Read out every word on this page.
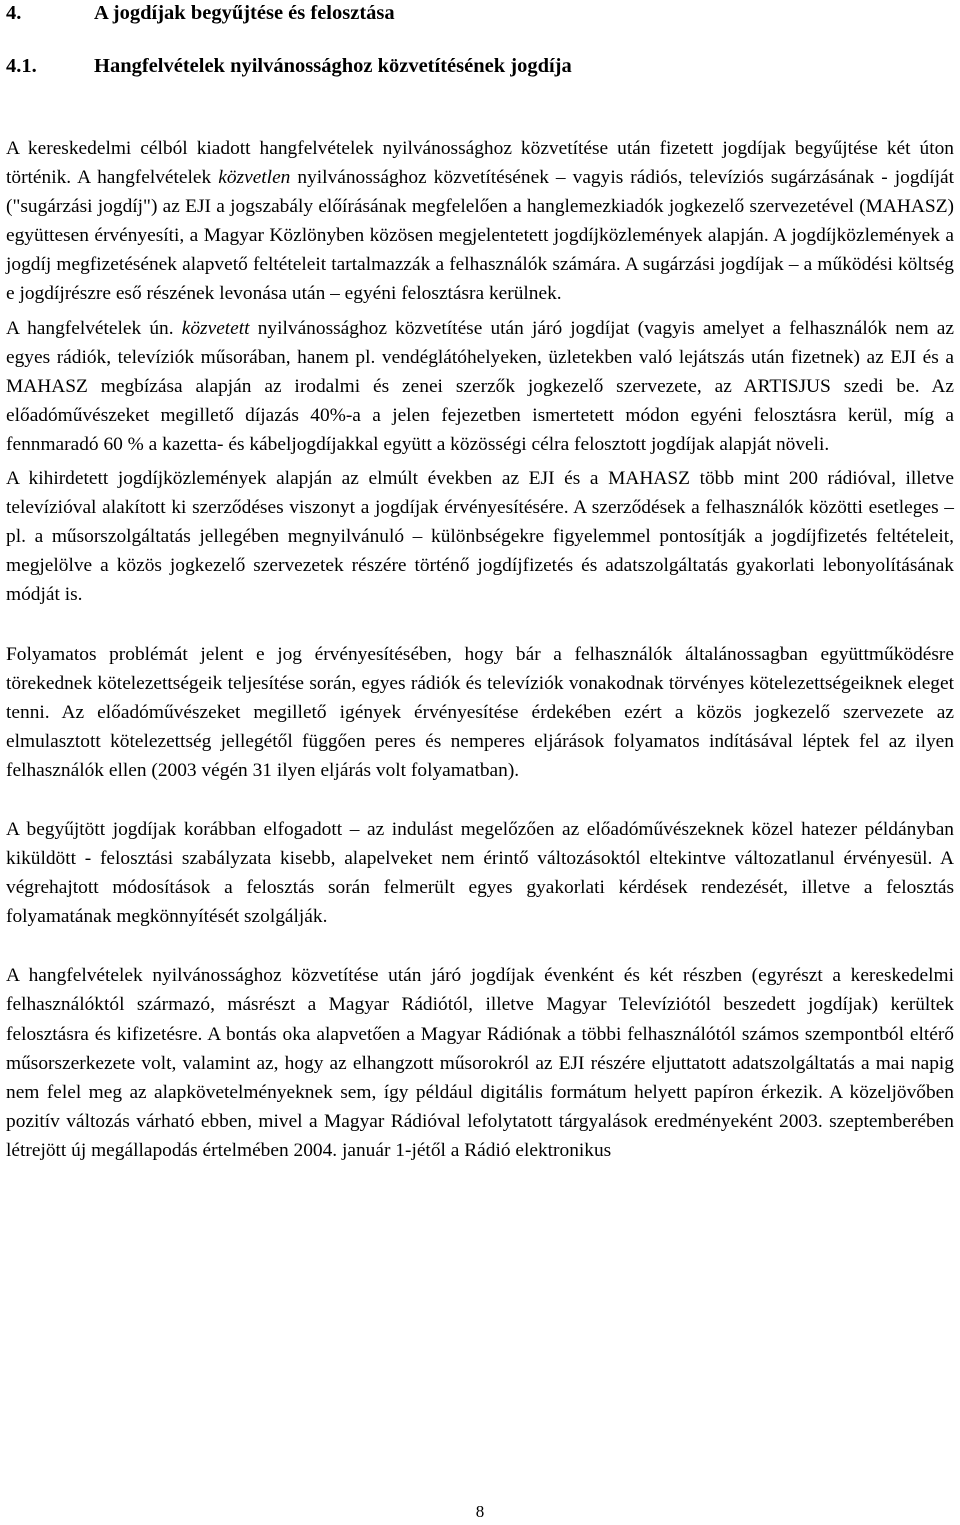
4.	A jogdíjak begyűjtése és felosztása
4.1.	Hangfelvételek nyilvánossághoz közvetítésének jogdíja

A kereskedelmi célból kiadott hangfelvételek nyilvánossághoz közvetítése után fizetett jogdíjak begyűjtése két úton történik. A hangfelvételek közvetlen nyilvánossághoz közvetítésének – vagyis rádiós, televíziós sugárzásának - jogdíját ("sugárzási jogdíj") az EJI a jogszabály előírásának megfelelően a hanglemezkiadók jogkezelő szervezetével (MAHASZ) együttesen érvényesíti, a Magyar Közlönyben közösen megjelentetett jogdíjközlemények alapján. A jogdíjközlemények a jogdíj megfizetésének alapvető feltételeit tartalmazzák a felhasználók számára. A sugárzási jogdíjak – a működési költség e jogdíjrészre eső részének levonása után – egyéni felosztásra kerülnek.

A hangfelvételek ún. közvetett nyilvánossághoz közvetítése után járó jogdíjat (vagyis amelyet a felhasználók nem az egyes rádiók, televíziók műsorában, hanem pl. vendéglátóhelyeken, üzletekben való lejátszás után fizetnek) az EJI és a MAHASZ megbízása alapján az irodalmi és zenei szerzők jogkezelő szervezete, az ARTISJUS szedi be. Az előadóművészeket megillető díjazás 40%-a a jelen fejezetben ismertetett módon egyéni felosztásra kerül, míg a fennmaradó 60 % a kazetta- és kábeljogdíjakkal együtt a közösségi célra felosztott jogdíjak alapját növeli.

A kihirdetett jogdíjközlemények alapján az elmúlt években az EJI és a MAHASZ több mint 200 rádióval, illetve televízióval alakított ki szerződéses viszonyt a jogdíjak érvényesítésére. A szerződések a felhasználók közötti esetleges – pl. a műsorszolgáltatás jellegében megnyilvánuló – különbségekre figyelemmel pontosítják a jogdíjfizetés feltételeit, megjelölve a közös jogkezelő szervezetek részére történő jogdíjfizetés és adatszolgáltatás gyakorlati lebonyolításának módját is.

Folyamatos problémát jelent e jog érvényesítésében, hogy bár a felhasználók általánossagban együttműködésre törekednek kötelezettségeik teljesítése során, egyes rádiók és televíziók vonakodnak törvényes kötelezettségeiknek eleget tenni. Az előadóművészeket megillető igények érvényesítése érdekében ezért a közös jogkezelő szervezete az elmulasztott kötelezettség jellegétől függően peres és nemperes eljárások folyamatos indításával léptek fel az ilyen felhasználók ellen (2003 végén 31 ilyen eljárás volt folyamatban).

A begyűjtött jogdíjak korábban elfogadott – az indulást megelőzően az előadóművészeknek közel hatezer példányban kiküldött - felosztási szabályzata kisebb, alapelveket nem érintő változásoktól eltekintve változatlanul érvényesül. A végrehajtott módosítások a felosztás során felmerült egyes gyakorlati kérdések rendezését, illetve a felosztás folyamatának megkönnyítését szolgálják.

A hangfelvételek nyilvánossághoz közvetítése után járó jogdíjak évenként és két részben (egyrészt a kereskedelmi felhasználóktól származó, másrészt a Magyar Rádiótól, illetve Magyar Televíziótól beszedett jogdíjak) kerültek felosztásra és kifizetésre. A bontás oka alapvetően a Magyar Rádiónak a többi felhasználótól számos szempontból eltérő műsorszerkezete volt, valamint az, hogy az elhangzott műsorokról az EJI részére eljuttatott adatszolgáltatás a mai napig nem felel meg az alapkövetelményeknek sem, így például digitális formátum helyett papíron érkezik. A közeljövőben pozitív változás várható ebben, mivel a Magyar Rádióval lefolytatott tárgyalások eredményeként 2003. szeptemberében létrejött új megállapodás értelmében 2004. január 1-jétől a Rádió elektronikus

8
